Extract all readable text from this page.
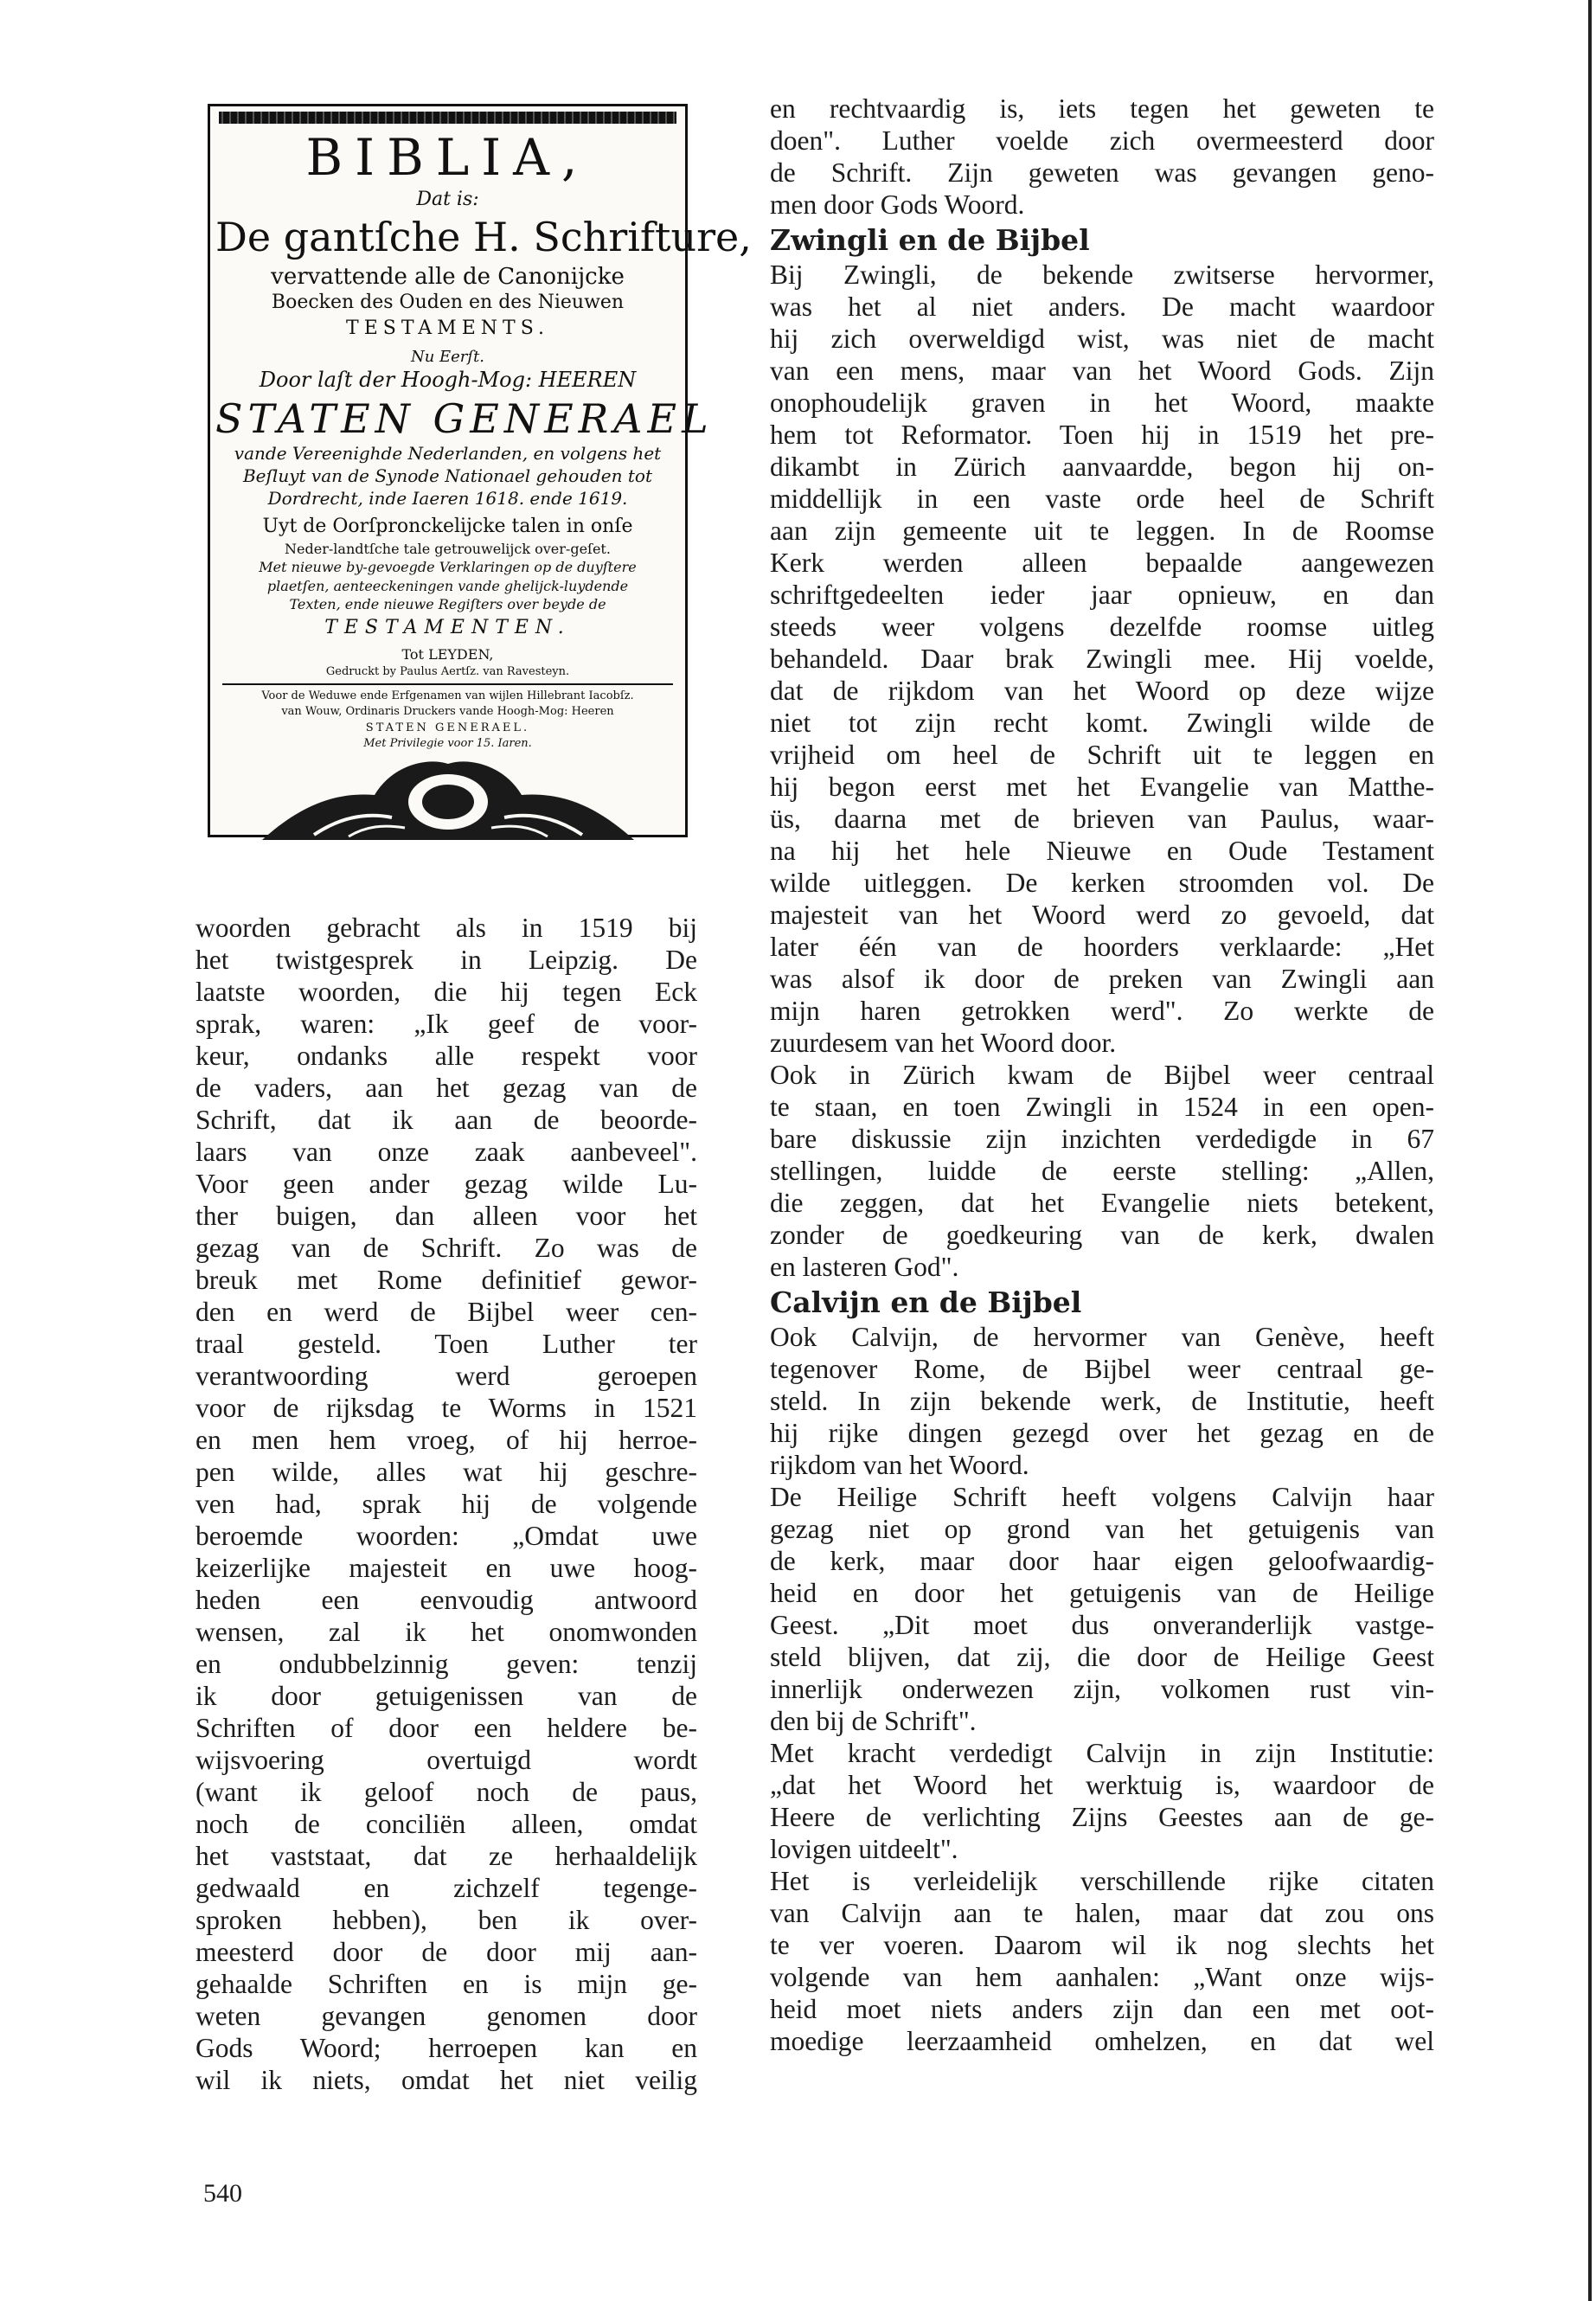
BIBLIA,
Dat is:
De gantſche H. Schrifture,
vervattende alle de Canonijcke
Boecken des Ouden en des Nieuwen
TESTAMENTS.
Nu Eerſt.
Door laſt der Hoogh-Mog: HEEREN
STATEN GENERAEL
vande Vereenighde Nederlanden, en volgens het
Beſluyt van de Synode Nationael gehouden tot
Dordrecht, inde Iaeren 1618. ende 1619.
Uyt de Oorſpronckelijcke talen in onſe
Neder-landtſche tale getrouwelijck over-geſet.
Met nieuwe by-gevoegde Verklaringen op de duyſtere
plaetſen, aenteeckeningen vande ghelijck-luydende
Texten, ende nieuwe Regiſters over beyde de
TESTAMENTEN.
Tot LEYDEN,
Gedruckt by Paulus Aertſz. van Ravesteyn.
Voor de Weduwe ende Erfgenamen van wijlen Hillebrant Iacobſz.
van Wouw, Ordinaris Druckers vande Hoogh-Mog: Heeren
STATEN GENERAEL.
Met Privilegie voor 15. Iaren.
woorden gebracht als in 1519 bij
het twistgesprek in Leipzig. De
laatste woorden, die hij tegen Eck
sprak, waren: „Ik geef de voor-
keur, ondanks alle respekt voor
de vaders, aan het gezag van de
Schrift, dat ik aan de beoorde-
laars van onze zaak aanbeveel".
Voor geen ander gezag wilde Lu-
ther buigen, dan alleen voor het
gezag van de Schrift. Zo was de
breuk met Rome definitief gewor-
den en werd de Bijbel weer cen-
traal gesteld. Toen Luther ter
verantwoording werd geroepen
voor de rijksdag te Worms in 1521
en men hem vroeg, of hij herroe-
pen wilde, alles wat hij geschre-
ven had, sprak hij de volgende
beroemde woorden: „Omdat uwe
keizerlijke majesteit en uwe hoog-
heden een eenvoudig antwoord
wensen, zal ik het onomwonden
en ondubbelzinnig geven: tenzij
ik door getuigenissen van de
Schriften of door een heldere be-
wijsvoering overtuigd wordt
(want ik geloof noch de paus,
noch de conciliën alleen, omdat
het vaststaat, dat ze herhaaldelijk
gedwaald en zichzelf tegenge-
sproken hebben), ben ik over-
meesterd door de door mij aan-
gehaalde Schriften en is mijn ge-
weten gevangen genomen door
Gods Woord; herroepen kan en
wil ik niets, omdat het niet veilig
en rechtvaardig is, iets tegen het geweten te
doen". Luther voelde zich overmeesterd door
de Schrift. Zijn geweten was gevangen geno-
men door Gods Woord.
Zwingli en de Bijbel
Bij Zwingli, de bekende zwitserse hervormer,
was het al niet anders. De macht waardoor
hij zich overweldigd wist, was niet de macht
van een mens, maar van het Woord Gods. Zijn
onophoudelijk graven in het Woord, maakte
hem tot Reformator. Toen hij in 1519 het pre-
dikambt in Zürich aanvaardde, begon hij on-
middellijk in een vaste orde heel de Schrift
aan zijn gemeente uit te leggen. In de Roomse
Kerk werden alleen bepaalde aangewezen
schriftgedeelten ieder jaar opnieuw, en dan
steeds weer volgens dezelfde roomse uitleg
behandeld. Daar brak Zwingli mee. Hij voelde,
dat de rijkdom van het Woord op deze wijze
niet tot zijn recht komt. Zwingli wilde de
vrijheid om heel de Schrift uit te leggen en
hij begon eerst met het Evangelie van Matthe-
üs, daarna met de brieven van Paulus, waar-
na hij het hele Nieuwe en Oude Testament
wilde uitleggen. De kerken stroomden vol. De
majesteit van het Woord werd zo gevoeld, dat
later één van de hoorders verklaarde: „Het
was alsof ik door de preken van Zwingli aan
mijn haren getrokken werd". Zo werkte de
zuurdesem van het Woord door.
Ook in Zürich kwam de Bijbel weer centraal
te staan, en toen Zwingli in 1524 in een open-
bare diskussie zijn inzichten verdedigde in 67
stellingen, luidde de eerste stelling: „Allen,
die zeggen, dat het Evangelie niets betekent,
zonder de goedkeuring van de kerk, dwalen
en lasteren God".
Calvijn en de Bijbel
Ook Calvijn, de hervormer van Genève, heeft
tegenover Rome, de Bijbel weer centraal ge-
steld. In zijn bekende werk, de Institutie, heeft
hij rijke dingen gezegd over het gezag en de
rijkdom van het Woord.
De Heilige Schrift heeft volgens Calvijn haar
gezag niet op grond van het getuigenis van
de kerk, maar door haar eigen geloofwaardig-
heid en door het getuigenis van de Heilige
Geest. „Dit moet dus onveranderlijk vastge-
steld blijven, dat zij, die door de Heilige Geest
innerlijk onderwezen zijn, volkomen rust vin-
den bij de Schrift".
Met kracht verdedigt Calvijn in zijn Institutie:
„dat het Woord het werktuig is, waardoor de
Heere de verlichting Zijns Geestes aan de ge-
lovigen uitdeelt".
Het is verleidelijk verschillende rijke citaten
van Calvijn aan te halen, maar dat zou ons
te ver voeren. Daarom wil ik nog slechts het
volgende van hem aanhalen: „Want onze wijs-
heid moet niets anders zijn dan een met oot-
moedige leerzaamheid omhelzen, en dat wel
540
